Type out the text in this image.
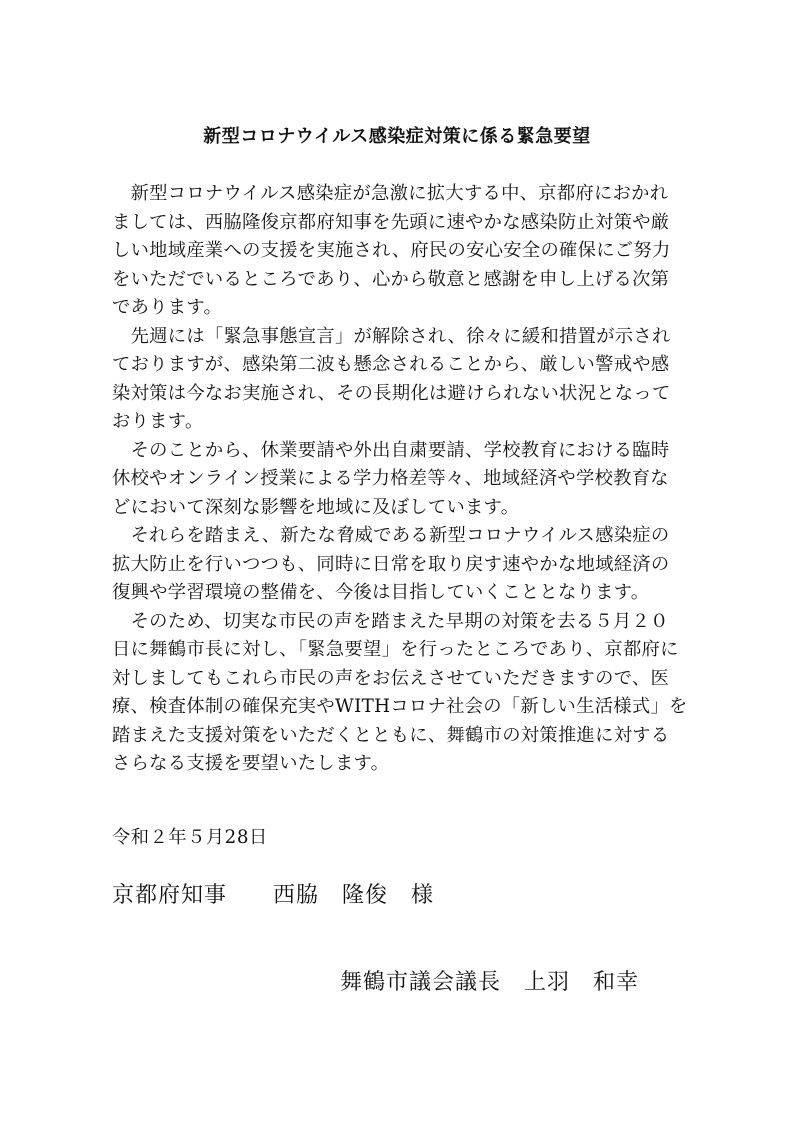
新型コロナウイルス感染症対策に係る緊急要望
　新型コロナウイルス感染症が急激に拡大する中、京都府におかれ
ましては、西脇隆俊京都府知事を先頭に速やかな感染防止対策や厳
しい地域産業への支援を実施され、府民の安心安全の確保にご努力
をいただでいるところであり、心から敬意と感謝を申し上げる次第
であります。
　先週には「緊急事態宣言」が解除され、徐々に緩和措置が示され
ておりますが、感染第二波も懸念されることから、厳しい警戒や感
染対策は今なお実施され、その長期化は避けられない状況となって
おります。
　そのことから、休業要請や外出自粛要請、学校教育における臨時
休校やオンライン授業による学力格差等々、地域経済や学校教育な
どにおいて深刻な影響を地域に及ぼしています。
　それらを踏まえ、新たな脅威である新型コロナウイルス感染症の
拡大防止を行いつつも、同時に日常を取り戻す速やかな地域経済の
復興や学習環境の整備を、今後は目指していくこととなります。
　そのため、切実な市民の声を踏まえた早期の対策を去る５月２０
日に舞鶴市長に対し、「緊急要望」を行ったところであり、京都府に
対しましてもこれら市民の声をお伝えさせていただきますので、医
療、検査体制の確保充実やWITHコロナ社会の「新しい生活様式」を
踏まえた支援対策をいただくとともに、舞鶴市の対策推進に対する
さらなる支援を要望いたします。
令和２年５月28日
京都府知事　　西脇　隆俊　様
舞鶴市議会議長　上羽　和幸
